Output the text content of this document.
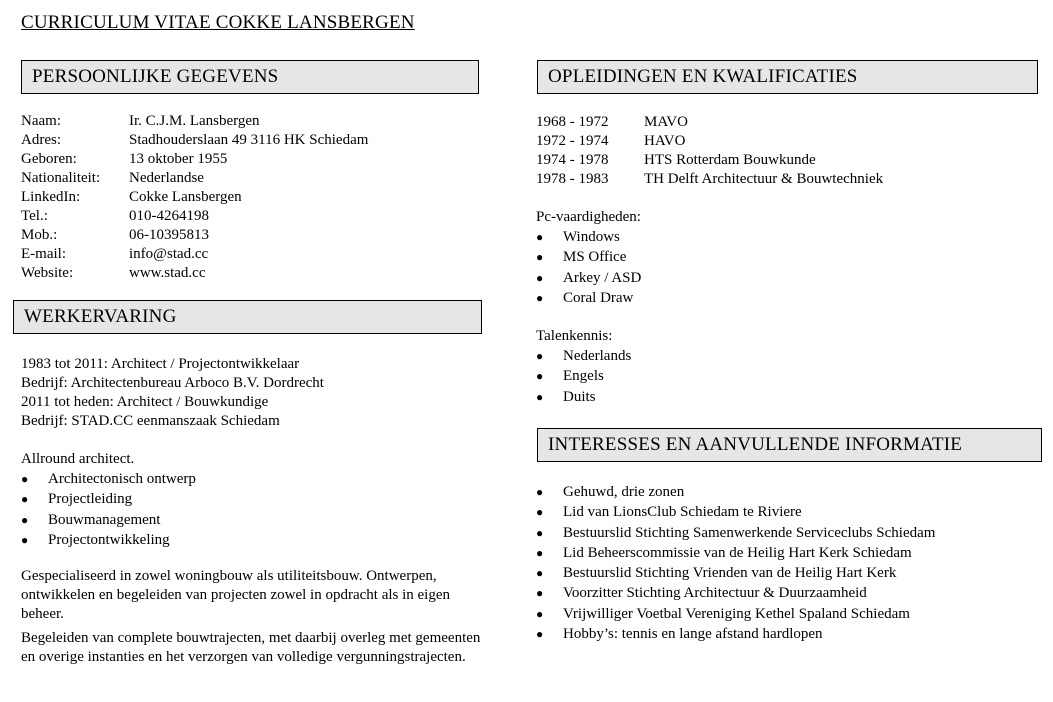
CURRICULUM VITAE COKKE LANSBERGEN
PERSOONLIJKE GEGEVENS
Naam:	Ir. C.J.M. Lansbergen
Adres:	Stadhouderslaan 49 3116 HK Schiedam
Geboren:	13 oktober 1955
Nationaliteit:	Nederlandse
LinkedIn:	Cokke Lansbergen
Tel.:	010-4264198
Mob.:	06-10395813
E-mail:	info@stad.cc
Website:	www.stad.cc
WERKERVARING
1983 tot 2011: Architect / Projectontwikkelaar
Bedrijf: Architectenbureau Arboco B.V. Dordrecht
2011 tot heden: Architect / Bouwkundige
Bedrijf: STAD.CC eenmanszaak Schiedam
Allround architect.
●	Architectonisch ontwerp
●	Projectleiding
●	Bouwmanagement
●	Projectontwikkeling

Gespecialiseerd in zowel woningbouw als utiliteitsbouw. Ontwerpen, ontwikkelen en begeleiden van projecten zowel in opdracht als in eigen beheer.

Begeleiden van complete bouwtrajecten, met daarbij overleg met gemeenten en overige instanties en het verzorgen van volledige vergunningstrajecten.

OPLEIDINGEN EN KWALIFICATIES
1968 - 1972	MAVO
1972 - 1974	HAVO
1974 - 1978	HTS Rotterdam Bouwkunde
1978 - 1983	TH Delft Architectuur & Bouwtechniek
Pc-vaardigheden:
●	Windows
●	MS Office
●	Arkey / ASD
●	Coral Draw
Talenkennis:
●	Nederlands
●	Engels
●	Duits
INTERESSES EN AANVULLENDE INFORMATIE
●	Gehuwd, drie zonen
●	Lid van LionsClub Schiedam te Riviere
●	Bestuurslid Stichting Samenwerkende Serviceclubs Schiedam
●	Lid Beheerscommissie van de Heilig Hart Kerk Schiedam
●	Bestuurslid Stichting Vrienden van de Heilig Hart Kerk
●	Voorzitter Stichting Architectuur & Duurzaamheid
●	Vrijwilliger Voetbal Vereniging Kethel Spaland Schiedam
●	Hobby’s: tennis en lange afstand hardlopen
